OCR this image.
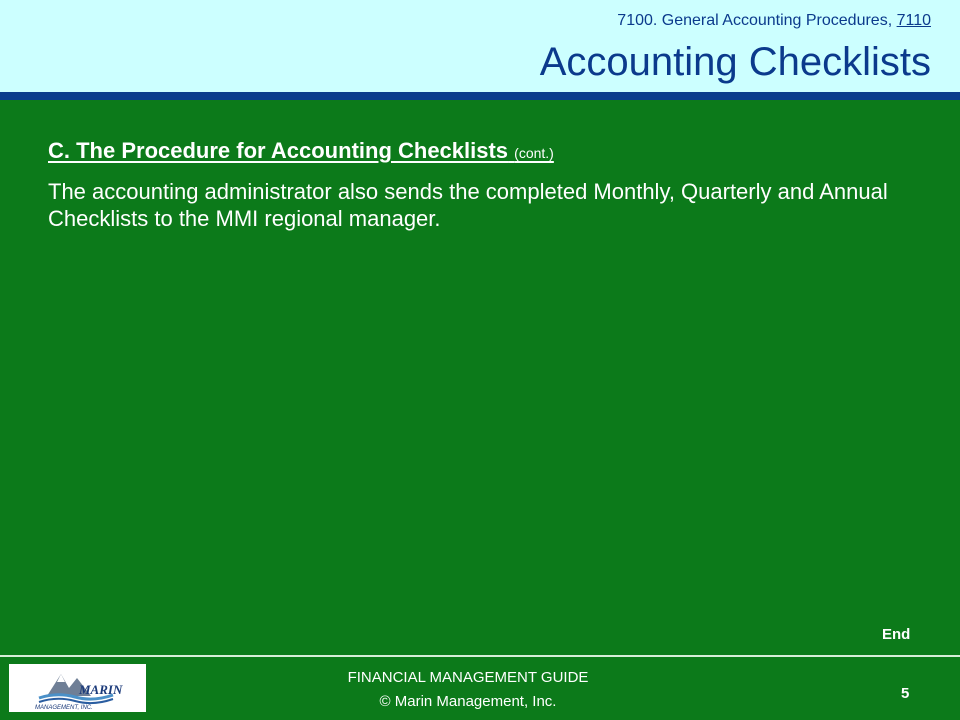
7100. General Accounting Procedures, 7110
Accounting Checklists
C. The Procedure for Accounting Checklists (cont.)

The accounting administrator also sends the completed Monthly, Quarterly and Annual Checklists to the MMI regional manager.

End
MARIN
MANAGEMENT, INC.
FINANCIAL MANAGEMENT GUIDE
© Marin Management, Inc.	5
